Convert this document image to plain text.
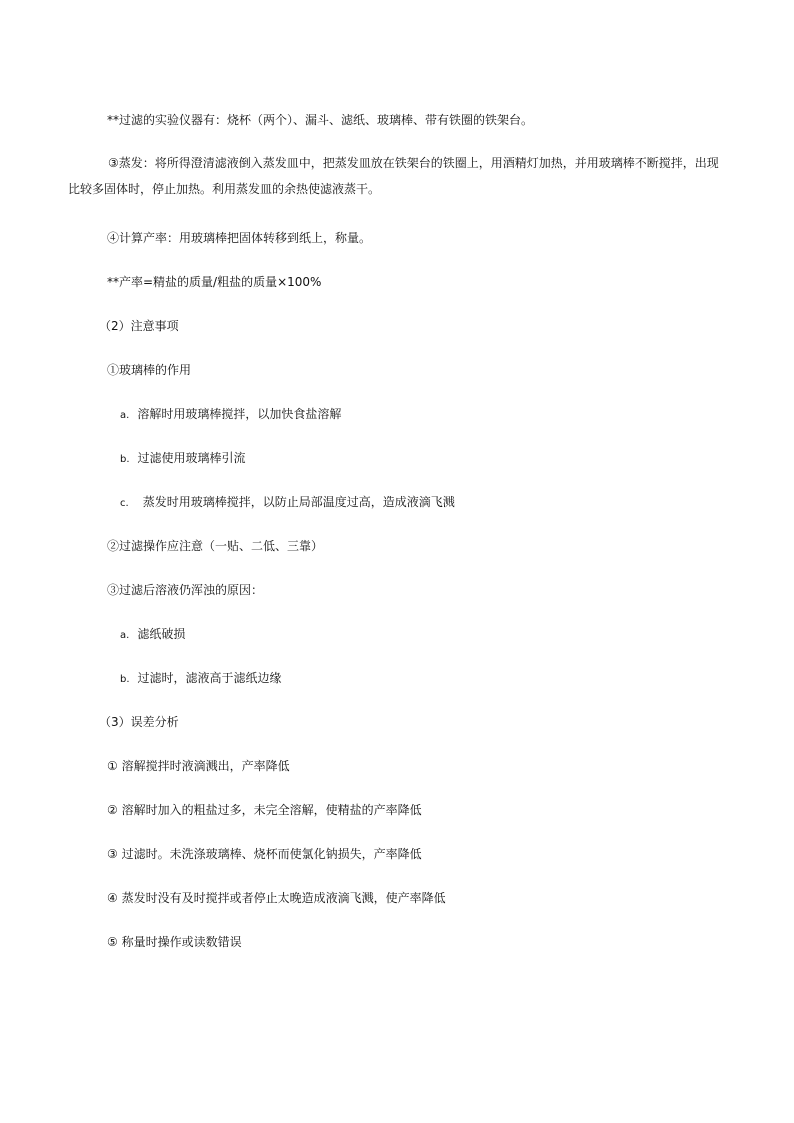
**过滤的实验仪器有：烧杯（两个）、漏斗、滤纸、玻璃棒、带有铁圈的铁架台。
③蒸发：将所得澄清滤液倒入蒸发皿中，把蒸发皿放在铁架台的铁圈上，用酒精灯加热，并用玻璃棒不断搅拌，出现比较多固体时，停止加热。利用蒸发皿的余热使滤液蒸干。
④计算产率：用玻璃棒把固体转移到纸上，称量。
**产率=精盐的质量/粗盐的质量×100%
（2）注意事项
①玻璃棒的作用
a. 溶解时用玻璃棒搅拌，以加快食盐溶解
b. 过滤使用玻璃棒引流
c. 蒸发时用玻璃棒搅拌，以防止局部温度过高，造成液滴飞溅
②过滤操作应注意（一贴、二低、三靠）
③过滤后溶液仍浑浊的原因：
a. 滤纸破损
b. 过滤时，滤液高于滤纸边缘
（3）误差分析
① 溶解搅拌时液滴溅出，产率降低
② 溶解时加入的粗盐过多，未完全溶解，使精盐的产率降低
③ 过滤时。未洗涤玻璃棒、烧杯而使氯化钠损失，产率降低
④ 蒸发时没有及时搅拌或者停止太晚造成液滴飞溅，使产率降低
⑤ 称量时操作或读数错误
